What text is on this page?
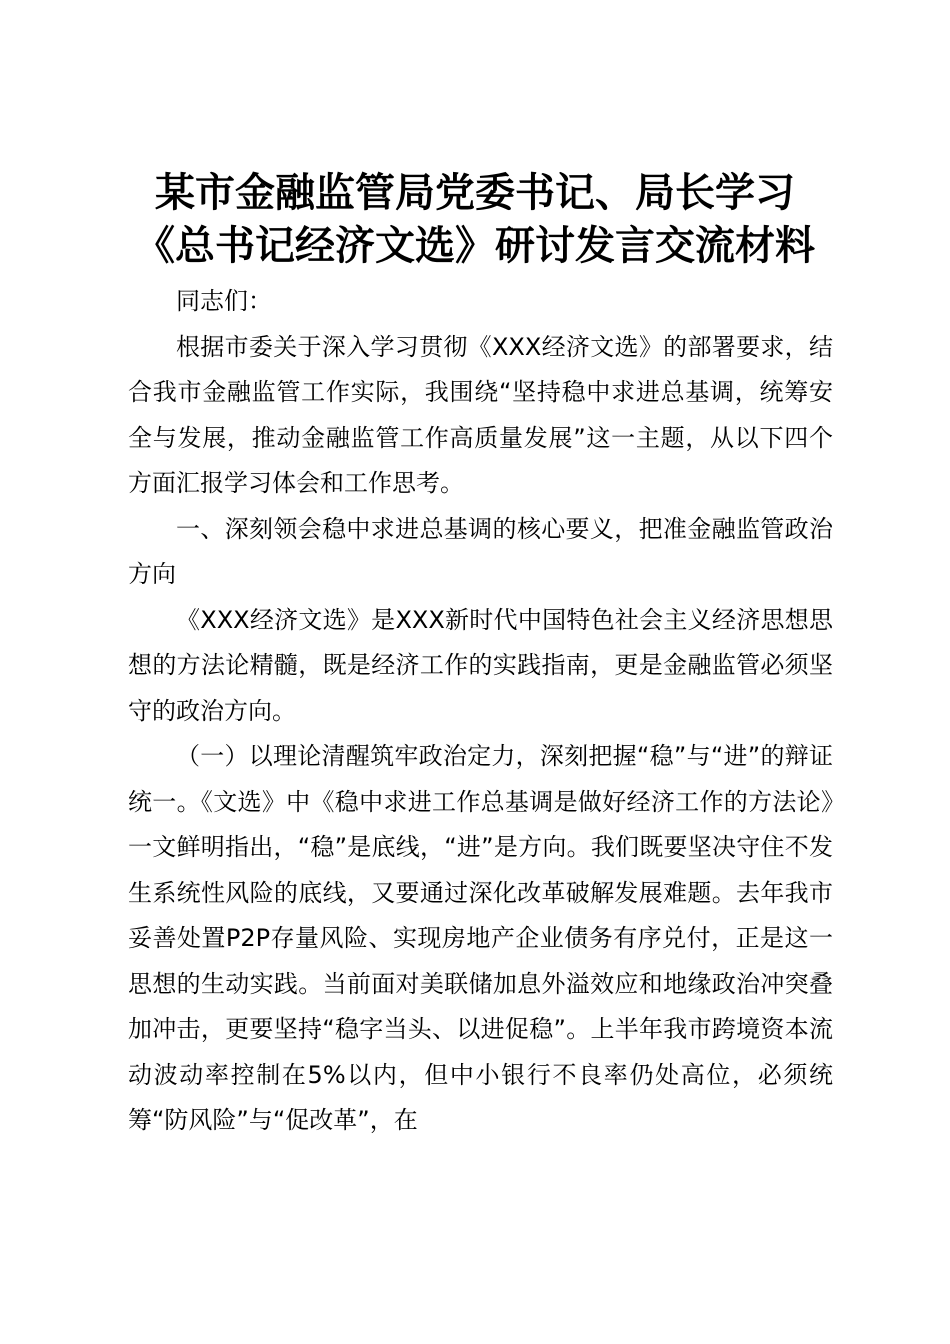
某市金融监管局党委书记、局长学习
《总书记经济文选》研讨发言交流材料

同志们：

根据市委关于深入学习贯彻《XXX经济文选》的部署要求，结合我市金融监管工作实际，我围绕“坚持稳中求进总基调，统筹安全与发展，推动金融监管工作高质量发展”这一主题，从以下四个方面汇报学习体会和工作思考。

一、深刻领会稳中求进总基调的核心要义，把准金融监管政治方向

《XXX经济文选》是XXX新时代中国特色社会主义经济思想思想的方法论精髓，既是经济工作的实践指南，更是金融监管必须坚守的政治方向。

（一）以理论清醒筑牢政治定力，深刻把握“稳”与“进”的辩证统一。《文选》中《稳中求进工作总基调是做好经济工作的方法论》一文鲜明指出，“稳”是底线，“进”是方向。我们既要坚决守住不发生系统性风险的底线，又要通过深化改革破解发展难题。去年我市妥善处置P2P存量风险、实现房地产企业债务有序兑付，正是这一思想的生动实践。当前面对美联储加息外溢效应和地缘政治冲突叠加冲击，更要坚持“稳字当头、以进促稳”。上半年我市跨境资本流动波动率控制在5%以内，但中小银行不良率仍处高位，必须统筹“防风险”与“促改革”，在
